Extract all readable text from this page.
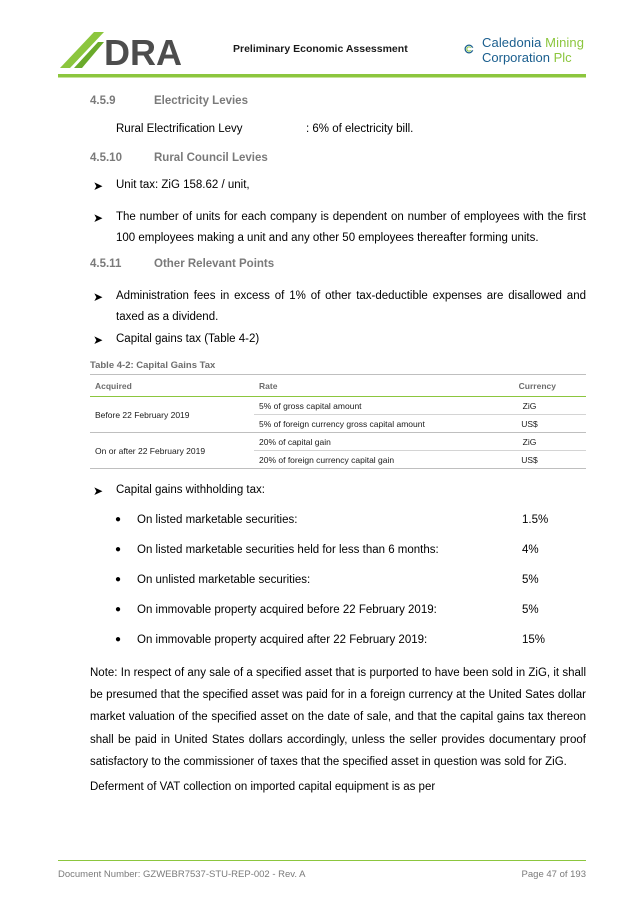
DRA	Preliminary Economic Assessment	Caledonia Mining
Corporation Plc
4.5.9	Electricity Levies
Rural Electrification Levy	: 6% of electricity bill.
4.5.10	Rural Council Levies
➤ Unit tax: ZiG 158.62 / unit,
➤ The number of units for each company is dependent on number of employees with the first 100 employees making a unit and any other 50 employees thereafter forming units.
4.5.11	Other Relevant Points
➤ Administration fees in excess of 1% of other tax-deductible expenses are disallowed and taxed as a dividend.
➤ Capital gains tax (Table 4-2)
Table 4-2: Capital Gains Tax
Acquired	Rate	Currency
Before 22 February 2019	5% of gross capital amount	ZiG
	5% of foreign currency gross capital amount	US$
On or after 22 February 2019	20% of capital gain	ZiG
	20% of foreign currency capital gain	US$
➤ Capital gains withholding tax:
● On listed marketable securities:	1.5%
● On listed marketable securities held for less than 6 months:	4%
● On unlisted marketable securities:	5%
● On immovable property acquired before 22 February 2019:	5%
● On immovable property acquired after 22 February 2019:	15%
Note: In respect of any sale of a specified asset that is purported to have been sold in ZiG, it shall be presumed that the specified asset was paid for in a foreign currency at the United Sates dollar market valuation of the specified asset on the date of sale, and that the capital gains tax thereon shall be paid in United States dollars accordingly, unless the seller provides documentary proof satisfactory to the commissioner of taxes that the specified asset in question was sold for ZiG.
Deferment of VAT collection on imported capital equipment is as per
Document Number: GZWEBR7537-STU-REP-002 - Rev. A	Page 47 of 193
